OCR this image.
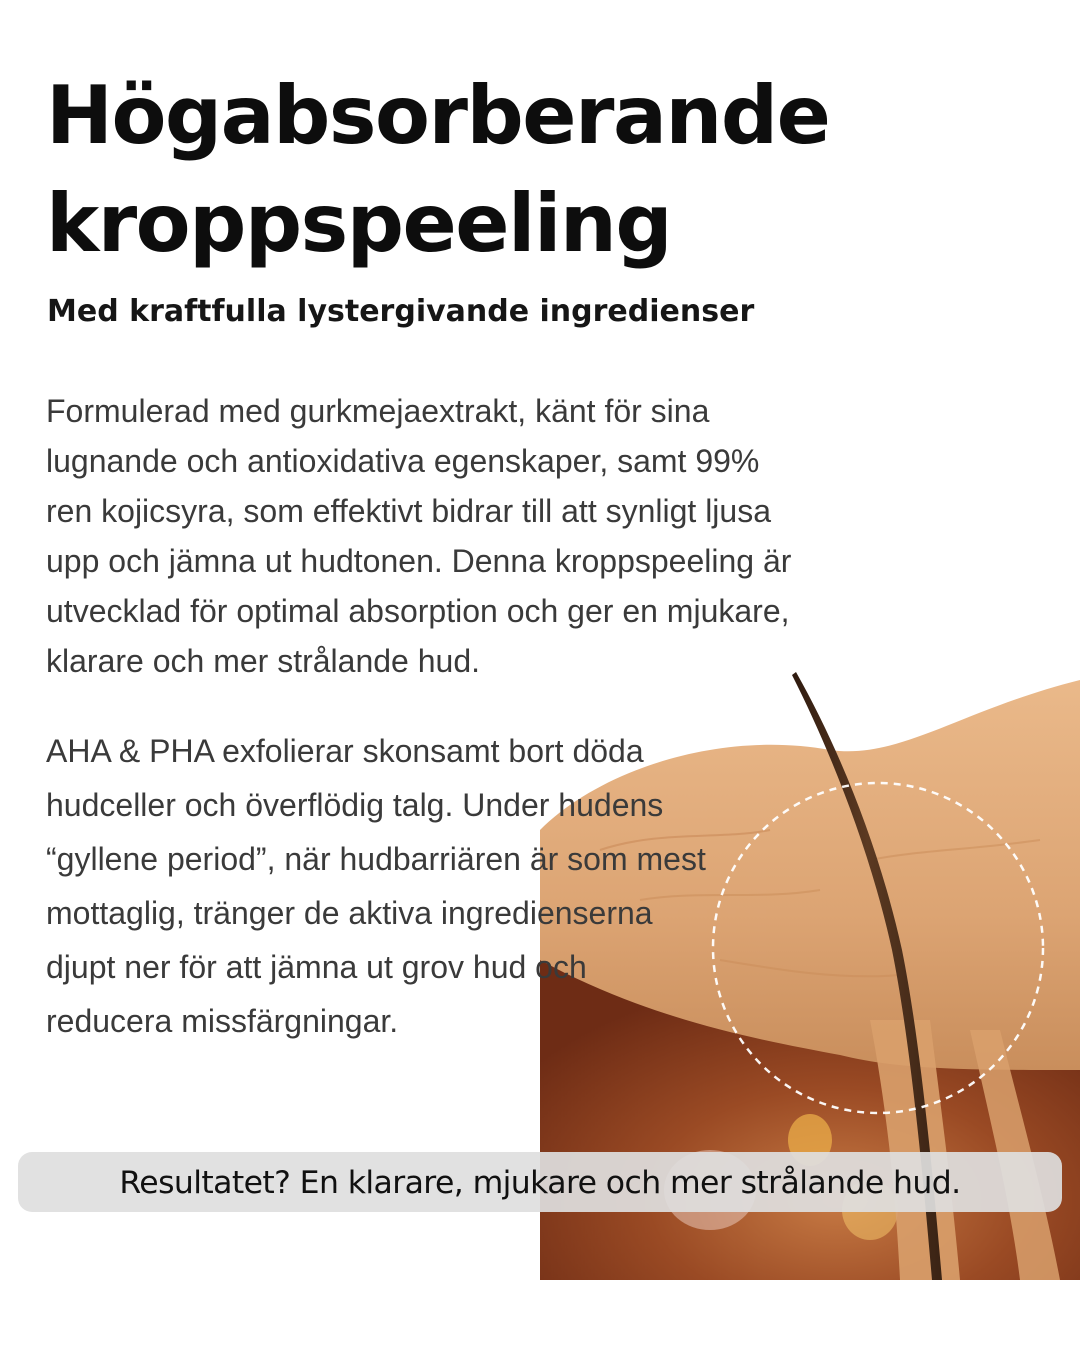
Högabsorberande
kroppspeeling
Med kraftfulla lystergivande ingredienser

Formulerad med gurkmejaextrakt, känt för sina
lugnande och antioxidativa egenskaper, samt 99%
ren kojicsyra, som effektivt bidrar till att synligt ljusa
upp och jämna ut hudtonen. Denna kroppspeeling är
utvecklad för optimal absorption och ger en mjukare,
klarare och mer strålande hud.

AHA & PHA exfolierar skonsamt bort döda
hudceller och överflödig talg. Under hudens
“gyllene period”, när hudbarriären är som mest
mottaglig, tränger de aktiva ingredienserna
djupt ner för att jämna ut grov hud och
reducera missfärgningar.

Resultatet? En klarare, mjukare och mer strålande hud.
